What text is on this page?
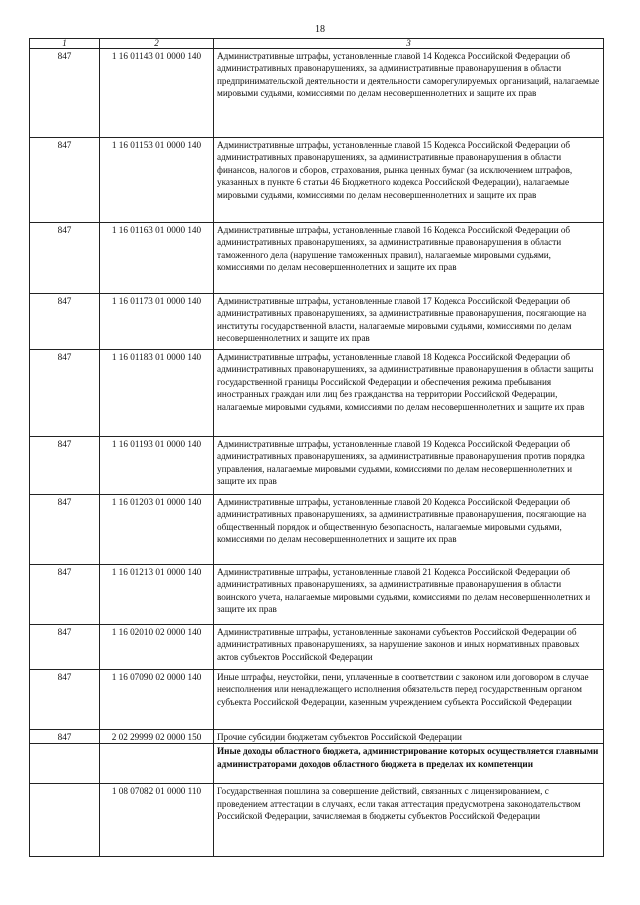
18
1	2	3
847	1 16 01143 01 0000 140	Административные штрафы, установленные главой 14 Кодекса Российской Федерации об административных правонарушениях, за административные правонарушения в области предпринимательской деятельности и деятельности саморегулируемых организаций, налагаемые мировыми судьями, комиссиями по делам несовершеннолетних и защите их прав
847	1 16 01153 01 0000 140	Административные штрафы, установленные главой 15 Кодекса Российской Федерации об административных правонарушениях, за административные правонарушения в области финансов, налогов и сборов, страхования, рынка ценных бумаг (за исключением штрафов, указанных в пункте 6 статьи 46 Бюджетного кодекса Российской Федерации), налагаемые мировыми судьями, комиссиями по делам несовершеннолетних и защите их прав
847	1 16 01163 01 0000 140	Административные штрафы, установленные главой 16 Кодекса Российской Федерации об административных правонарушениях, за административные правонарушения в области таможенного дела (нарушение таможенных правил), налагаемые мировыми судьями, комиссиями по делам несовершеннолетних и защите их прав
847	1 16 01173 01 0000 140	Административные штрафы, установленные главой 17 Кодекса Российской Федерации об административных правонарушениях, за административные правонарушения, посягающие на институты государственной власти, налагаемые мировыми судьями, комиссиями по делам несовершеннолетних и защите их прав
847	1 16 01183 01 0000 140	Административные штрафы, установленные главой 18 Кодекса Российской Федерации об административных правонарушениях, за административные правонарушения в области защиты государственной границы Российской Федерации и обеспечения режима пребывания иностранных граждан или лиц без гражданства на территории Российской Федерации, налагаемые мировыми судьями, комиссиями по делам несовершеннолетних и защите их прав
847	1 16 01193 01 0000 140	Административные штрафы, установленные главой 19 Кодекса Российской Федерации об административных правонарушениях, за административные правонарушения против порядка управления, налагаемые мировыми судьями, комиссиями по делам несовершеннолетних и защите их прав
847	1 16 01203 01 0000 140	Административные штрафы, установленные главой 20 Кодекса Российской Федерации об административных правонарушениях, за административные правонарушения, посягающие на общественный порядок и общественную безопасность, налагаемые мировыми судьями, комиссиями по делам несовершеннолетних и защите их прав
847	1 16 01213 01 0000 140	Административные штрафы, установленные главой 21 Кодекса Российской Федерации об административных правонарушениях, за административные правонарушения в области воинского учета, налагаемые мировыми судьями, комиссиями по делам несовершеннолетних и защите их прав
847	1 16 02010 02 0000 140	Административные штрафы, установленные законами субъектов Российской Федерации об административных правонарушениях, за нарушение законов и иных нормативных правовых актов субъектов Российской Федерации
847	1 16 07090 02 0000 140	Иные штрафы, неустойки, пени, уплаченные в соответствии с законом или договором в случае неисполнения или ненадлежащего исполнения обязательств перед государственным органом субъекта Российской Федерации, казенным учреждением субъекта Российской Федерации
847	2 02 29999 02 0000 150	Прочие субсидии бюджетам субъектов Российской Федерации
		Иные доходы областного бюджета, администрирование которых осуществляется главными администраторами доходов областного бюджета в пределах их компетенции
	1 08 07082 01 0000 110	Государственная пошлина за совершение действий, связанных с лицензированием, с проведением аттестации в случаях, если такая аттестация предусмотрена законодательством Российской Федерации, зачисляемая в бюджеты субъектов Российской Федерации
